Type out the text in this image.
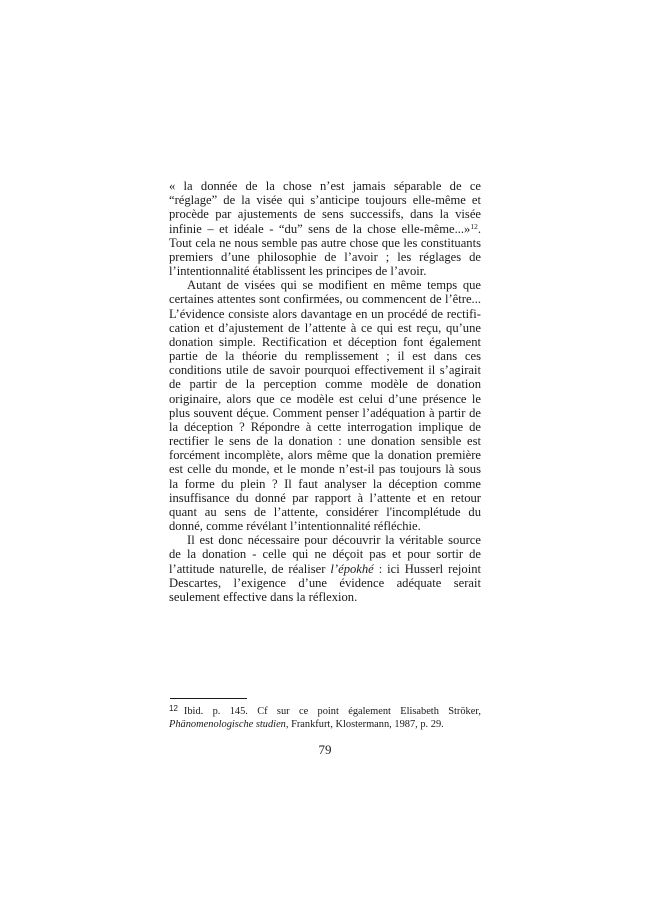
« la donnée de la chose n’est jamais séparable de ce “réglage” de la visée qui s’anticipe toujours elle-même et procède par ajustements de sens successifs, dans la visée infinie – et idéale - “du” sens de la chose elle-même...»$^{12}$. Tout cela ne nous semble pas autre chose que les constituants premiers d’une philosophie de l’avoir ; les réglages de l’intentionnalité établissent les principes de l’avoir.

Autant de visées qui se modifient en même temps que certaines attentes sont confirmées, ou commencent de l’être... L’évidence consiste alors davantage en un procédé de rectifi-cation et d’ajustement de l’attente à ce qui est reçu, qu’une donation simple. Rectification et déception font également partie de la théorie du remplissement ; il est dans ces conditions utile de savoir pourquoi effectivement il s’agirait de partir de la perception comme modèle de donation originaire, alors que ce modèle est celui d’une présence le plus souvent déçue. Comment penser l’adéquation à partir de la déception ? Répondre à cette interrogation implique de rectifier le sens de la donation : une donation sensible est forcément incomplète, alors même que la donation première est celle du monde, et le monde n’est-il pas toujours là sous la forme du plein ? Il faut analyser la déception comme insuffisance du donné par rapport à l’attente et en retour quant au sens de l’attente, considérer l'incomplétude du donné, comme révélant l’intentionnalité réfléchie.

Il est donc nécessaire pour découvrir la véritable source de la donation - celle qui ne déçoit pas et pour sortir de l’attitude naturelle, de réaliser l’épokhé : ici Husserl rejoint Descartes, l’exigence d’une évidence adéquate serait seulement effective dans la réflexion.

$^{12}$ Ibid. p. 145. Cf sur ce point également Elisabeth Ströker, Phänomenologische studien, Frankfurt, Klostermann, 1987, p. 29.
79
